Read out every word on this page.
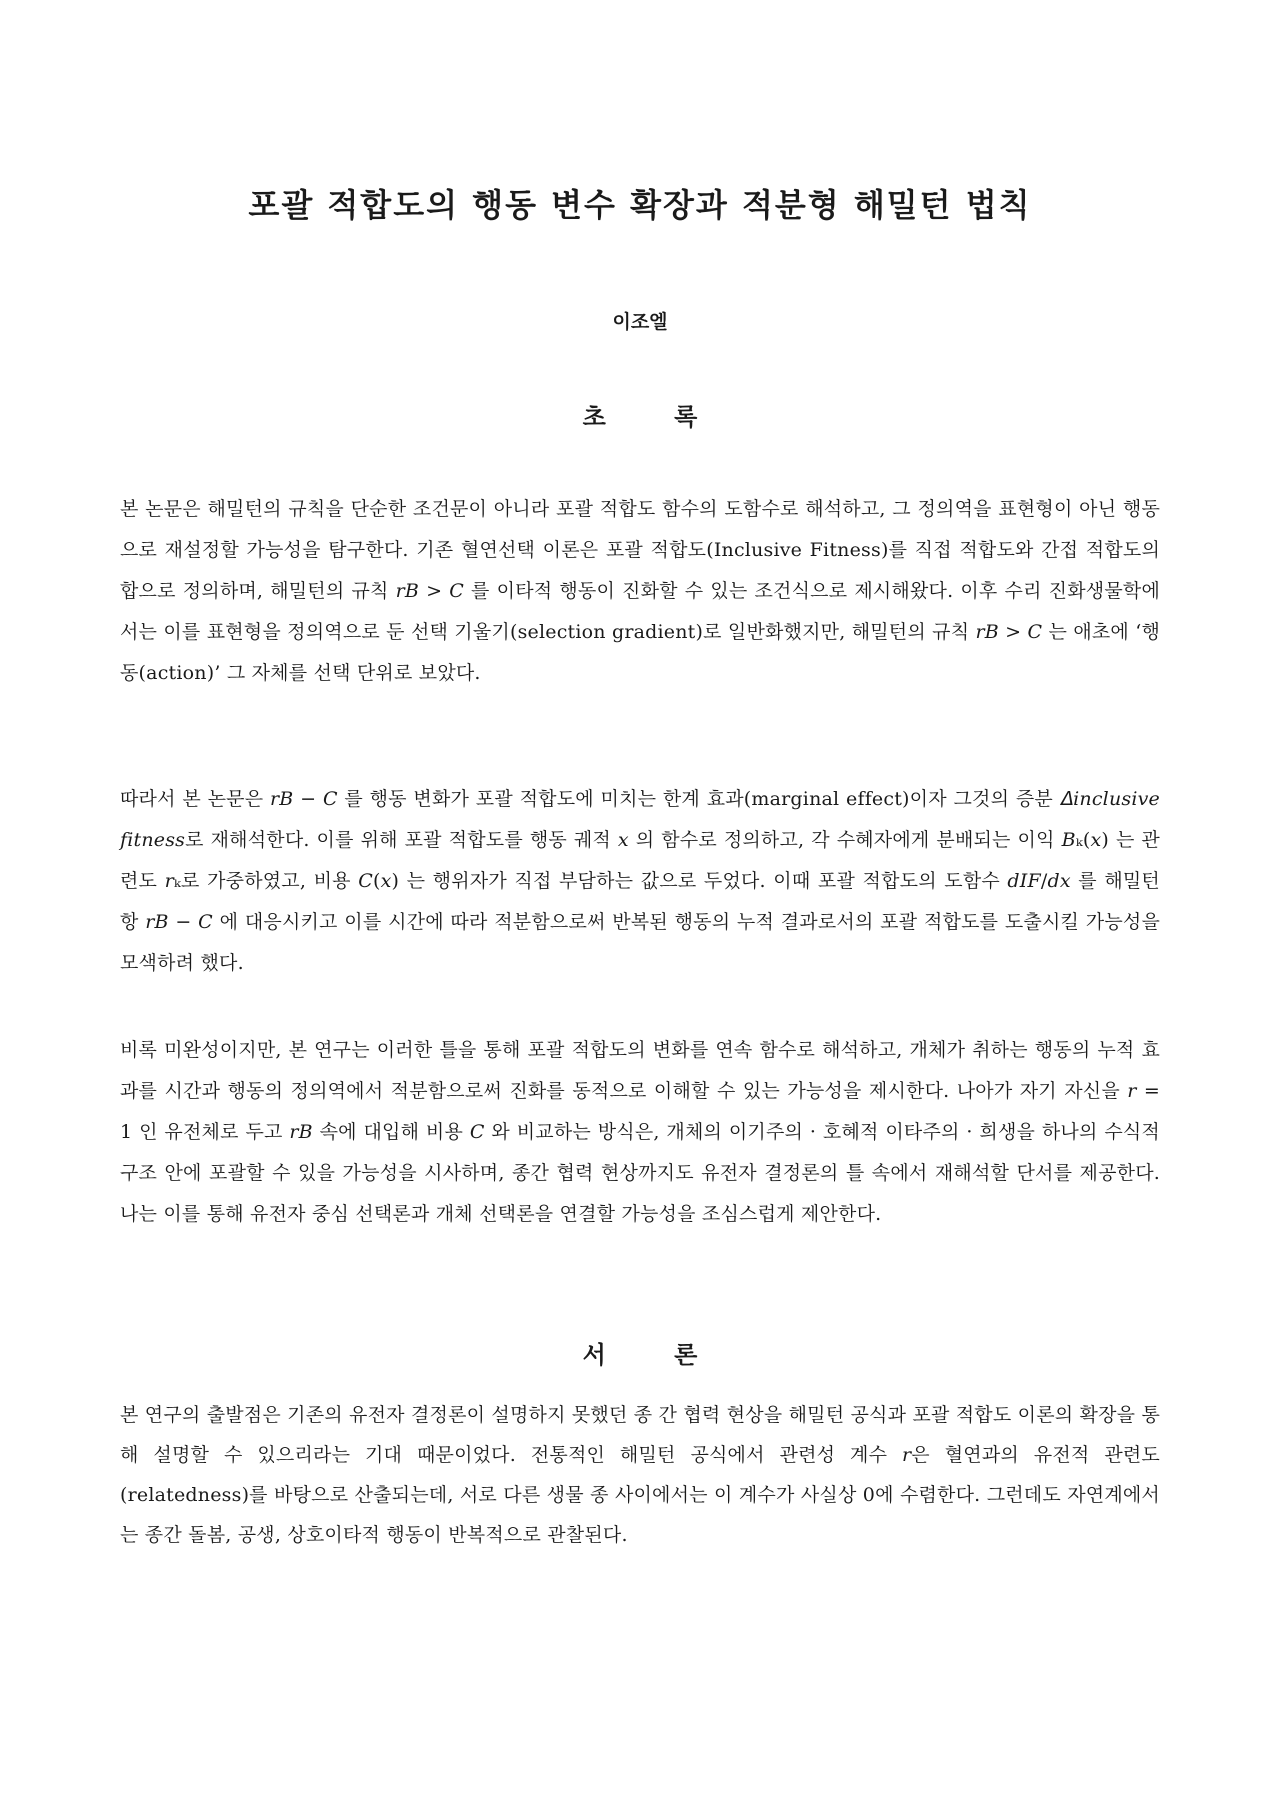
포괄 적합도의 행동 변수 확장과 적분형 해밀턴 법칙
이조엘
초 록
본 논문은 해밀턴의 규칙을 단순한 조건문이 아니라 포괄 적합도 함수의 도함수로 해석하고, 그 정의역을 표현형이 아닌 행동으로 재설정할 가능성을 탐구한다. 기존 혈연선택 이론은 포괄 적합도(Inclusive Fitness)를 직접 적합도와 간접 적합도의 합으로 정의하며, 해밀턴의 규칙 𝑟𝐵 > 𝐶 를 이타적 행동이 진화할 수 있는 조건식으로 제시해왔다. 이후 수리 진화생물학에서는 이를 표현형을 정의역으로 둔 선택 기울기(selection gradient)로 일반화했지만, 해밀턴의 규칙 𝑟𝐵 > 𝐶 는 애초에 ‘행동(action)’ 그 자체를 선택 단위로 보았다.
따라서 본 논문은 𝑟𝐵 − 𝐶 를 행동 변화가 포괄 적합도에 미치는 한계 효과(marginal effect)이자 그것의 증분 𝛥𝑖𝑛𝑐𝑙𝑢𝑠𝑖𝑣𝑒 𝑓𝑖𝑡𝑛𝑒𝑠𝑠로 재해석한다. 이를 위해 포괄 적합도를 행동 궤적 𝑥 의 함수로 정의하고, 각 수혜자에게 분배되는 이익 𝐵ₖ(𝑥) 는 관련도 𝑟ₖ로 가중하였고, 비용 𝐶(𝑥) 는 행위자가 직접 부담하는 값으로 두었다. 이때 포괄 적합도의 도함수 𝑑𝐼𝐹/𝑑𝑥 를 해밀턴 항 𝑟𝐵 − 𝐶 에 대응시키고 이를 시간에 따라 적분함으로써 반복된 행동의 누적 결과로서의 포괄 적합도를 도출시킬 가능성을 모색하려 했다.
비록 미완성이지만, 본 연구는 이러한 틀을 통해 포괄 적합도의 변화를 연속 함수로 해석하고, 개체가 취하는 행동의 누적 효과를 시간과 행동의 정의역에서 적분함으로써 진화를 동적으로 이해할 수 있는 가능성을 제시한다. 나아가 자기 자신을 𝑟 = 1 인 유전체로 두고 𝑟𝐵 속에 대입해 비용 𝐶 와 비교하는 방식은, 개체의 이기주의 · 호혜적 이타주의 · 희생을 하나의 수식적 구조 안에 포괄할 수 있을 가능성을 시사하며, 종간 협력 현상까지도 유전자 결정론의 틀 속에서 재해석할 단서를 제공한다. 나는 이를 통해 유전자 중심 선택론과 개체 선택론을 연결할 가능성을 조심스럽게 제안한다.
서 론
본 연구의 출발점은 기존의 유전자 결정론이 설명하지 못했던 종 간 협력 현상을 해밀턴 공식과 포괄 적합도 이론의 확장을 통해 설명할 수 있으리라는 기대 때문이었다. 전통적인 해밀턴 공식에서 관련성 계수 𝑟은 혈연과의 유전적 관련도(relatedness)를 바탕으로 산출되는데, 서로 다른 생물 종 사이에서는 이 계수가 사실상 0에 수렴한다. 그런데도 자연계에서는 종간 돌봄, 공생, 상호이타적 행동이 반복적으로 관찰된다.
